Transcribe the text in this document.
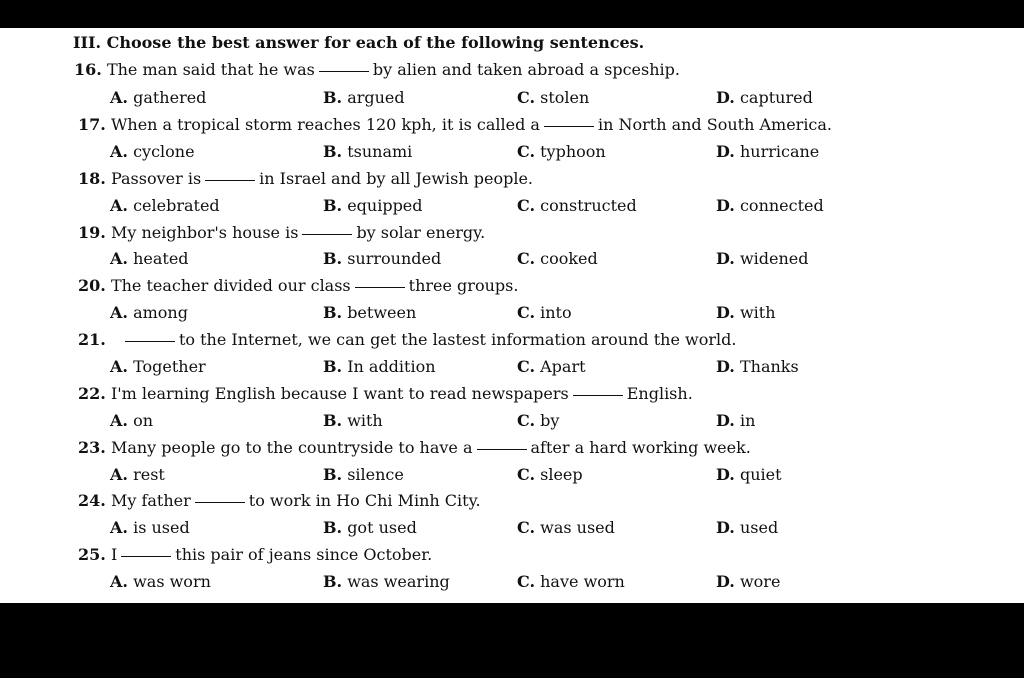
III. Choose the best answer for each of the following sentences.
16. The man said that he was	by alien and taken abroad a spceship.
A. gathered	B. argued	C. stolen	D. captured
17. When a tropical storm reaches 120 kph, it is called a	in North and South America.
A. cyclone	B. tsunami	C. typhoon	D. hurricane
18. Passover is	in Israel and by all Jewish people.
A. celebrated	B. equipped	C. constructed	D. connected
19. My neighbor's house is	by solar energy.
A. heated	B. surrounded	C. cooked	D. widened
20. The teacher divided our class	three groups.
A. among	B. between	C. into	D. with
21.	to the Internet, we can get the lastest information around the world.
A. Together	B. In addition	C. Apart	D. Thanks
22. I'm learning English because I want to read newspapers	English.
A. on	B. with	C. by	D. in
23. Many people go to the countryside to have a	after a hard working week.
A. rest	B. silence	C. sleep	D. quiet
24. My father	to work in Ho Chi Minh City.
A. is used	B. got used	C. was used	D. used
25. I	this pair of jeans since October.
A. was worn	B. was wearing	C. have worn	D. wore
